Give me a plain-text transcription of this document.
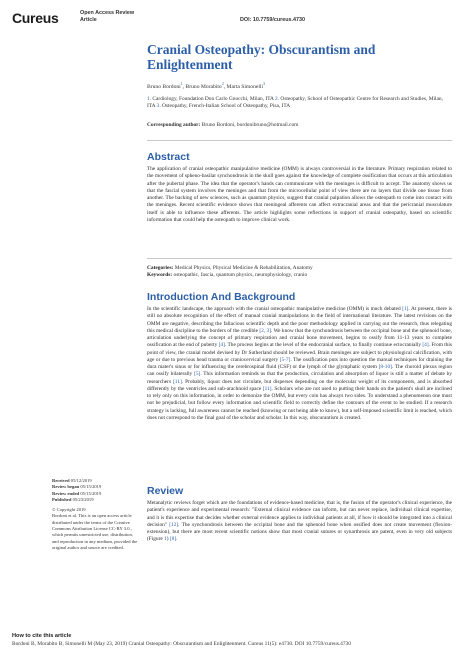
Cureus	Open Access Review
Article	DOI: 10.7759/cureus.4730
Cranial Osteopathy: Obscurantism and Enlightenment
Bruno Bordoni$^1$, Bruno Morabito$^2$, Marta Simonelli$^3$
1. Cardiology, Foundation Don Carlo Gnocchi, Milan, ITA 2. Osteopathy, School of Osteopathic Centre for Research and Studies, Milan, ITA 3. Osteopathy, French-Italian School of Osteopathy, Pisa, ITA
Corresponding author: Bruno Bordoni, bordonibruno@hotmail.com
Abstract

The application of cranial osteopathic manipulative medicine (OMM) is always controversial in the literature. Primary respiration related to the movement of spheno-basilar synchondrosis in the skull goes against the knowledge of complete ossification that occurs at this articulation after the pubertal phase. The idea that the operator's hands can communicate with the meninges is difficult to accept. The anatomy shows us that the fascial system involves the meninges and that from the microcellular point of view there are no layers that divide one tissue from another. The backing of new sciences, such as quantum physics, suggest that cranial palpation allows the osteopath to come into contact with the meninges. Recent scientific evidence shows that meningeal afferents can affect extracranial areas and that the pericranial musculature itself is able to influence these afferents. The article highlights some reflections in support of cranial osteopathy, based on scientific information that could help the osteopath to improve clinical work.

Categories: Medical Physics, Physical Medicine & Rehabilitation, Anatomy
Keywords: osteopathic, fascia, quantum physics, neurophysiology, cranio
Introduction And Background

In the scientific landscape, the approach with the cranial osteopathic manipulative medicine (OMM) is much debated [1]. At present, there is still no absolute recognition of the effect of manual cranial manipulations in the field of international literature. The latest revisions on the OMM are negative, describing the fallacious scientific depth and the poor methodology applied in carrying out the research, thus relegating this medical discipline to the borders of the credible [2, 3]. We know that the synchondrosis between the occipital bone and the sphenoid bone, articulation underlying the concept of primary respiration and cranial bone movement, begins to ossify from 11-13 years to complete ossification at the end of puberty [4]. The process begins at the level of the endocranial surface, to finally continue ectocranially [4]. From this point of view, the cranial model devised by Dr Sutherland should be reviewed. Brain meninges are subject to physiological calcification, with age or due to previous head trauma or craniocervical surgery [5-7]. The ossification puts into question the manual techniques for draining the dura mater's sinus or for influencing the cerebrospinal fluid (CSF) or the lymph of the glymphatic system [8-10]. The choroid plexus region can ossify bilaterally [5]. This information reminds us that the production, circulation and absorption of liquor is still a matter of debate by researchers [11]. Probably, liquor does not circulate, but disperses depending on the molecular weight of its components, and is absorbed differently by the ventricles and sub-arachnoid space [11]. Scholars who are not used to putting their hands on the patient's skull are inclined to rely only on this information, in order to demonize the OMM, but every coin has always two sides. To understand a phenomenon one must not be prejudicial, but follow every information and scientific field to correctly define the contours of the event to be studied. If a research strategy is lacking, full awareness cannot be reached (knowing or not being able to know), but a self-imposed scientific limit is reached, which does not correspond to the final goal of the scholar and scholar. In this way, obscurantism is created.

Review

Metanalytic reviews forget which are the foundations of evidence-based medicine, that is, the fusion of the operator's clinical experience, the patient's experience and experimental research: "External clinical evidence can inform, but can never replace, individual clinical expertise, and it is this expertise that decides whether external evidence applies to individual patients at all, if how it should be integrated into a clinical decision" [12]. The synchondrosis between the occipital bone and the sphenoid bone when ossified does not create movement (flexion-extension), but there are most recent scientific notions show that most cranial sutures or synarthrosis are patent, even in very old subjects (Figure 1) [8].

Received 05/12/2019
Review began 05/15/2019
Review ended 05/15/2019
Published 05/23/2019
© Copyright 2019
Bordoni et al. This is an open access article distributed under the terms of the Creative Commons Attribution License CC-BY 3.0., which permits unrestricted use, distribution, and reproduction in any medium, provided the original author and source are credited.
How to cite this article
Bordoni B, Morabito B, Simonelli M (May 23, 2019) Cranial Osteopathy: Obscurantism and Enlightenment. Cureus 11(5): e4730. DOI 10.7759/cureus.4730
